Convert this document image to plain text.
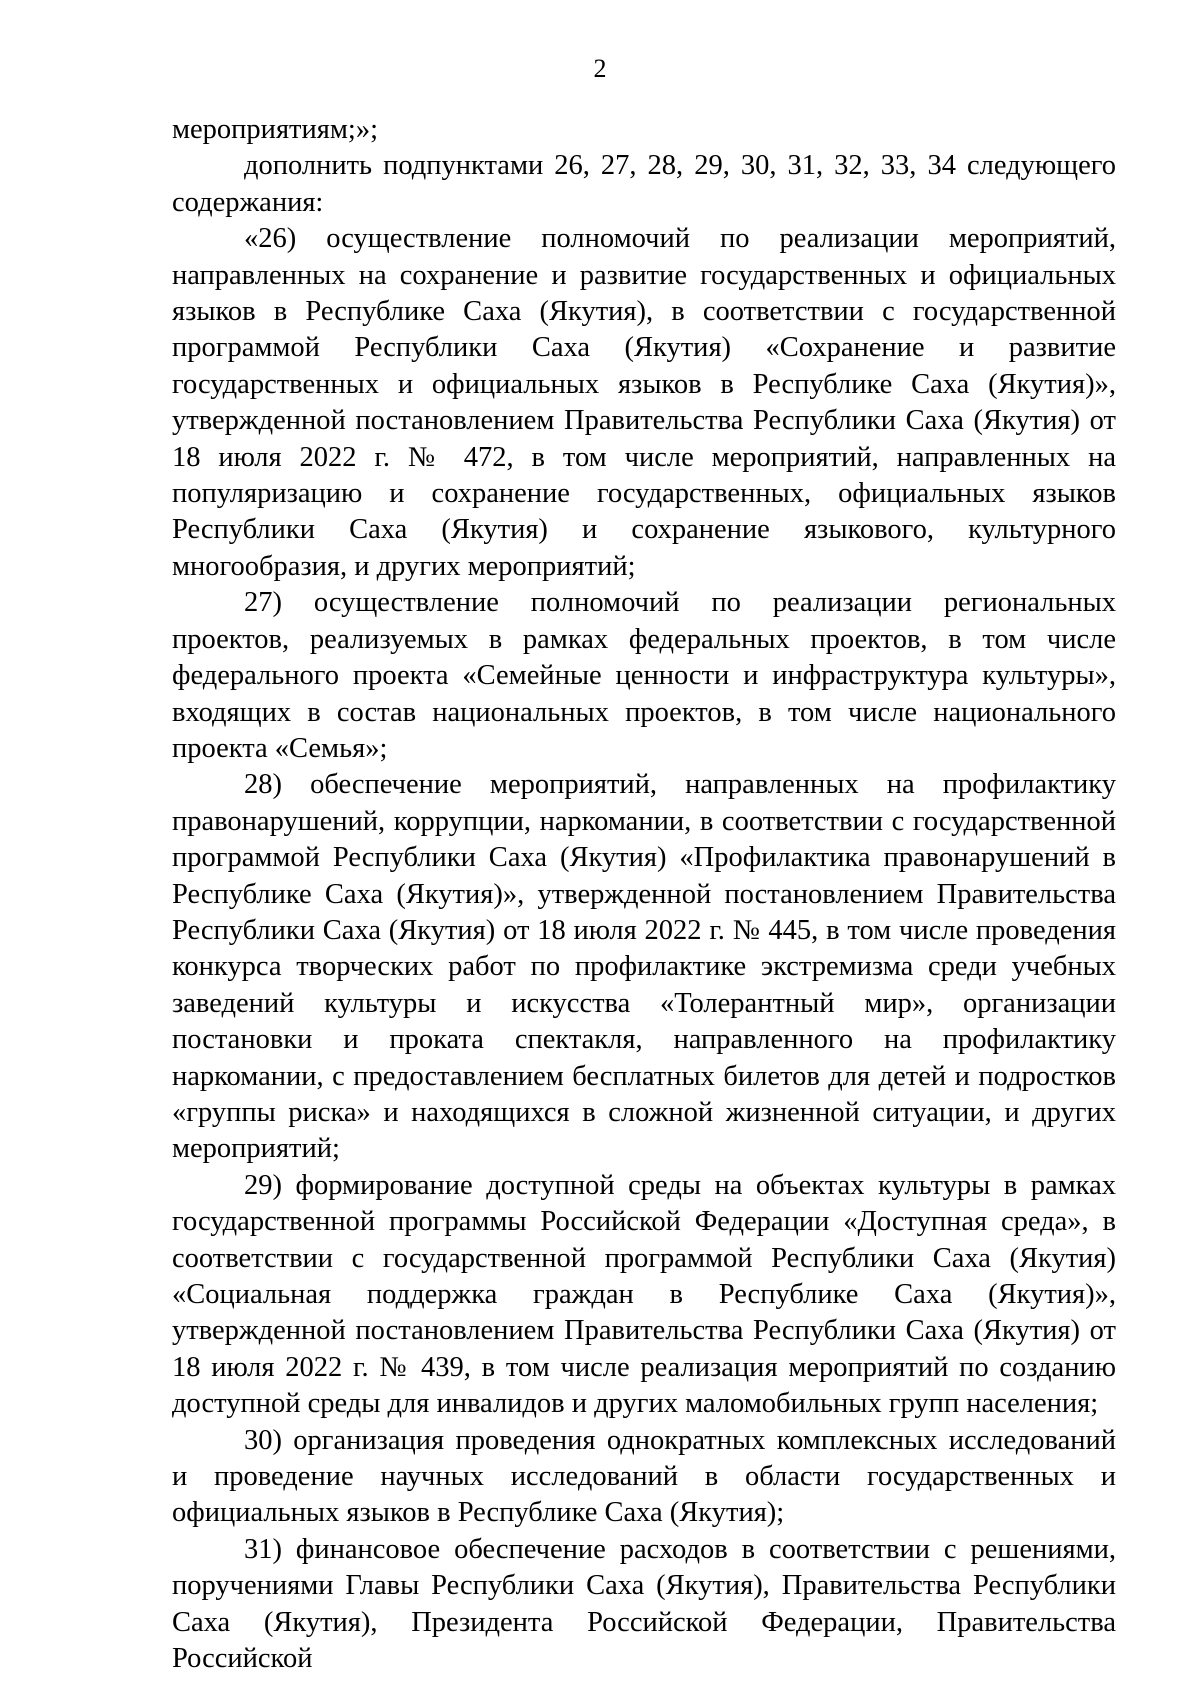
2

мероприятиям;»;

дополнить подпунктами 26, 27, 28, 29, 30, 31, 32, 33, 34 следующего содержания:

«26) осуществление полномочий по реализации мероприятий, направленных на сохранение и развитие государственных и официальных языков в Республике Саха (Якутия), в соответствии с государственной программой Республики Саха (Якутия) «Сохранение и развитие государственных и официальных языков в Республике Саха (Якутия)», утвержденной постановлением Правительства Республики Саха (Якутия) от 18 июля 2022 г. № 472, в том числе мероприятий, направленных на популяризацию и сохранение государственных, официальных языков Республики Саха (Якутия) и сохранение языкового, культурного многообразия, и других мероприятий;

27) осуществление полномочий по реализации региональных проектов, реализуемых в рамках федеральных проектов, в том числе федерального проекта «Семейные ценности и инфраструктура культуры», входящих в состав национальных проектов, в том числе национального проекта «Семья»;

28) обеспечение мероприятий, направленных на профилактику правонарушений, коррупции, наркомании, в соответствии с государственной программой Республики Саха (Якутия) «Профилактика правонарушений в Республике Саха (Якутия)», утвержденной постановлением Правительства Республики Саха (Якутия) от 18 июля 2022 г. № 445, в том числе проведения конкурса творческих работ по профилактике экстремизма среди учебных заведений культуры и искусства «Толерантный мир», организации постановки и проката спектакля, направленного на профилактику наркомании, с предоставлением бесплатных билетов для детей и подростков «группы риска» и находящихся в сложной жизненной ситуации, и других мероприятий;

29) формирование доступной среды на объектах культуры в рамках государственной программы Российской Федерации «Доступная среда», в соответствии с государственной программой Республики Саха (Якутия) «Социальная поддержка граждан в Республике Саха (Якутия)», утвержденной постановлением Правительства Республики Саха (Якутия) от 18 июля 2022 г. № 439, в том числе реализация мероприятий по созданию доступной среды для инвалидов и других маломобильных групп населения;

30) организация проведения однократных комплексных исследований и проведение научных исследований в области государственных и официальных языков в Республике Саха (Якутия);

31) финансовое обеспечение расходов в соответствии с решениями, поручениями Главы Республики Саха (Якутия), Правительства Республики Саха (Якутия), Президента Российской Федерации, Правительства Российской
